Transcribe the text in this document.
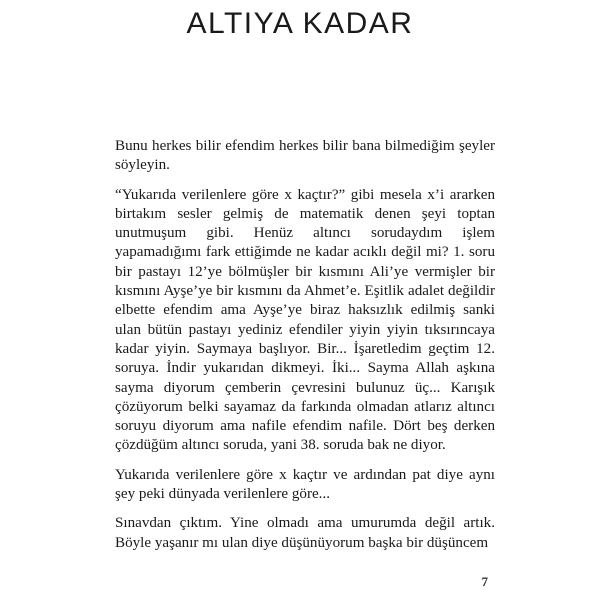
ALTIYA KADAR

Bunu herkes bilir efendim herkes bilir bana bilmediğim şeyler söyleyin.

“Yukarıda verilenlere göre x kaçtır?” gibi mesela x’i ararken birtakım sesler gelmiş de matematik denen şeyi toptan unutmuşum gibi. Henüz altıncı sorudaydım işlem yapamadığımı fark ettiğimde ne kadar acıklı değil mi? 1. soru bir pastayı 12’ye bölmüşler bir kısmını Ali’ye vermişler bir kısmını Ayşe’ye bir kısmını da Ahmet’e. Eşitlik adalet değildir elbette efendim ama Ayşe’ye biraz haksızlık edilmiş sanki ulan bütün pastayı yediniz efendiler yiyin yiyin tıksırıncaya kadar yiyin. Saymaya başlıyor. Bir... İşaretledim geçtim 12. soruya. İndir yukarıdan dikmeyi. İki... Sayma Allah aşkına sayma diyorum çemberin çevresini bulunuz üç... Karışık çözüyorum belki sayamaz da farkında olmadan atlarız altıncı soruyu diyorum ama nafile efendim nafile. Dört beş derken çözdüğüm altıncı soruda, yani 38. soruda bak ne diyor.

Yukarıda verilenlere göre x kaçtır ve ardından pat diye aynı şey peki dünyada verilenlere göre...

Sınavdan çıktım. Yine olmadı ama umurumda değil artık. Böyle yaşanır mı ulan diye düşünüyorum başka bir düşüncem

7
